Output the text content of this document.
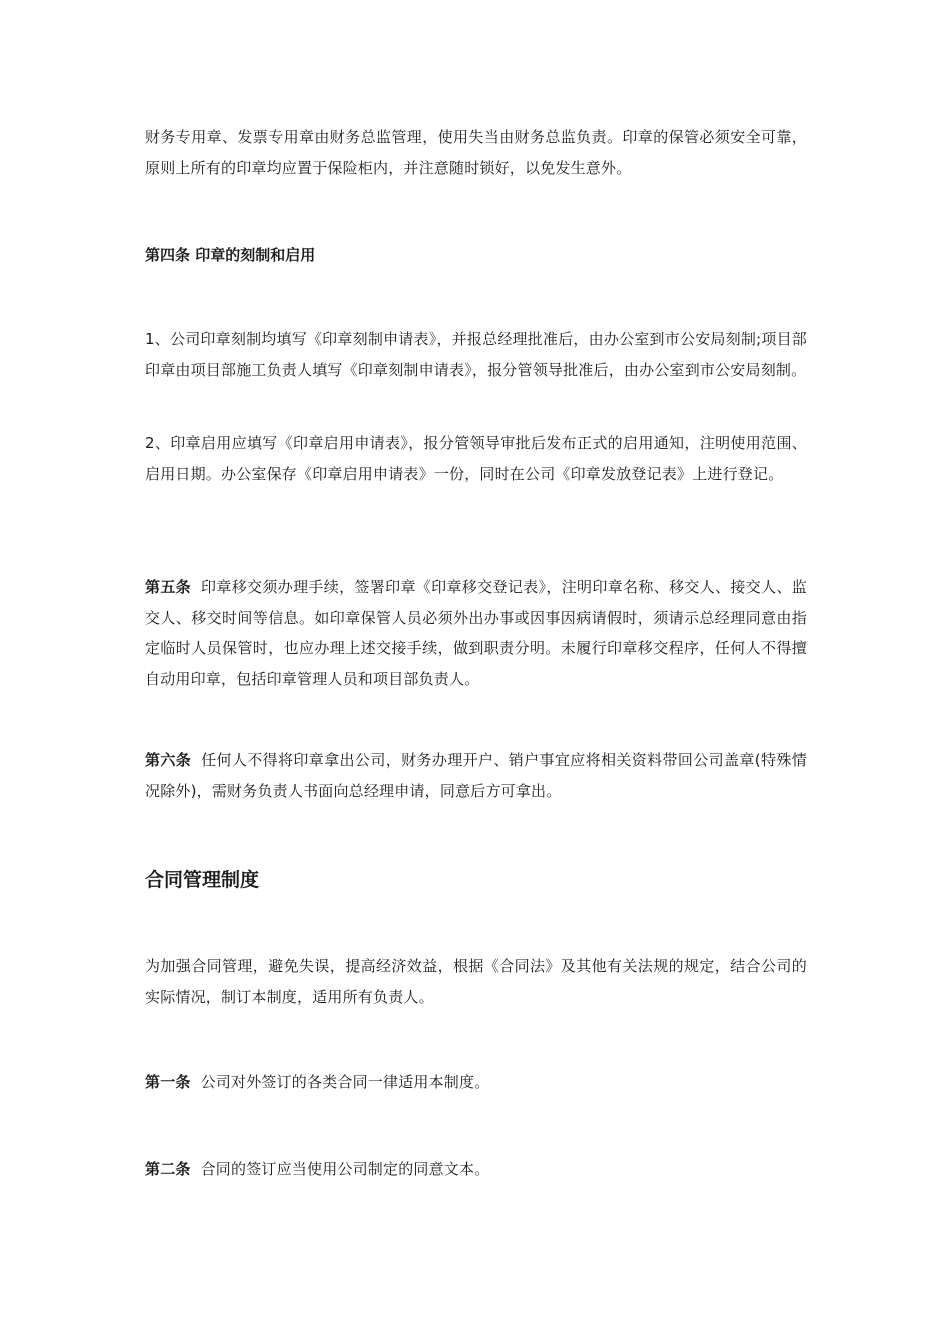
财务专用章、发票专用章由财务总监管理，使用失当由财务总监负责。印章的保管必须安全可靠，原则上所有的印章均应置于保险柜内，并注意随时锁好，以免发生意外。

第四条 印章的刻制和启用

1、公司印章刻制均填写《印章刻制申请表》，并报总经理批准后，由办公室到市公安局刻制;项目部印章由项目部施工负责人填写《印章刻制申请表》，报分管领导批准后，由办公室到市公安局刻制。

2、印章启用应填写《印章启用申请表》，报分管领导审批后发布正式的启用通知，注明使用范围、启用日期。办公室保存《印章启用申请表》一份，同时在公司《印章发放登记表》上进行登记。

第五条 印章移交须办理手续，签署印章《印章移交登记表》，注明印章名称、移交人、接交人、监交人、移交时间等信息。如印章保管人员必须外出办事或因事因病请假时，须请示总经理同意由指定临时人员保管时，也应办理上述交接手续，做到职责分明。未履行印章移交程序，任何人不得擅自动用印章，包括印章管理人员和项目部负责人。

第六条 任何人不得将印章拿出公司，财务办理开户、销户事宜应将相关资料带回公司盖章(特殊情况除外)，需财务负责人书面向总经理申请，同意后方可拿出。

合同管理制度

为加强合同管理，避免失误，提高经济效益，根据《合同法》及其他有关法规的规定，结合公司的实际情况，制订本制度，适用所有负责人。

第一条 公司对外签订的各类合同一律适用本制度。

第二条 合同的签订应当使用公司制定的同意文本。
